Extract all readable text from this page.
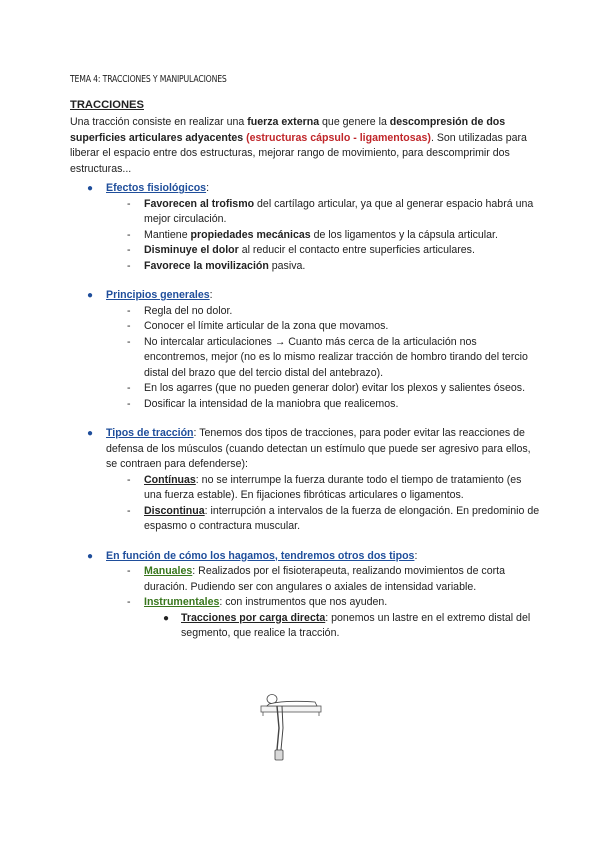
TEMA 4: TRACCIONES Y MANIPULACIONES
TRACCIONES

Una tracción consiste en realizar una fuerza externa que genere la descompresión de dos superficies articulares adyacentes (estructuras cápsulo - ligamentosas). Son utilizadas para liberar el espacio entre dos estructuras, mejorar rango de movimiento, para descomprimir dos estructuras...

● Efectos fisiológicos:
- Favorecen al trofismo del cartílago articular, ya que al generar espacio habrá una mejor circulación.
- Mantiene propiedades mecánicas de los ligamentos y la cápsula articular.
- Disminuye el dolor al reducir el contacto entre superficies articulares.
- Favorece la movilización pasiva.
● Principios generales:
- Regla del no dolor.
- Conocer el límite articular de la zona que movamos.
- No intercalar articulaciones → Cuanto más cerca de la articulación nos encontremos, mejor (no es lo mismo realizar tracción de hombro tirando del tercio distal del brazo que del tercio distal del antebrazo).
- En los agarres (que no pueden generar dolor) evitar los plexos y salientes óseos.
- Dosificar la intensidad de la maniobra que realicemos.
● Tipos de tracción: Tenemos dos tipos de tracciones, para poder evitar las reacciones de defensa de los músculos (cuando detectan un estímulo que puede ser agresivo para ellos, se contraen para defenderse):
- Contínuas: no se interrumpe la fuerza durante todo el tiempo de tratamiento (es una fuerza estable). En fijaciones fibróticas articulares o ligamentos.
- Discontinua: interrupción a intervalos de la fuerza de elongación. En predominio de espasmo o contractura muscular.
● En función de cómo los hagamos, tendremos otros dos tipos:
- Manuales: Realizados por el fisioterapeuta, realizando movimientos de corta duración. Pudiendo ser con angulares o axiales de intensidad variable.
- Instrumentales: con instrumentos que nos ayuden.
● Tracciones por carga directa: ponemos un lastre en el extremo distal del segmento, que realice la tracción.
